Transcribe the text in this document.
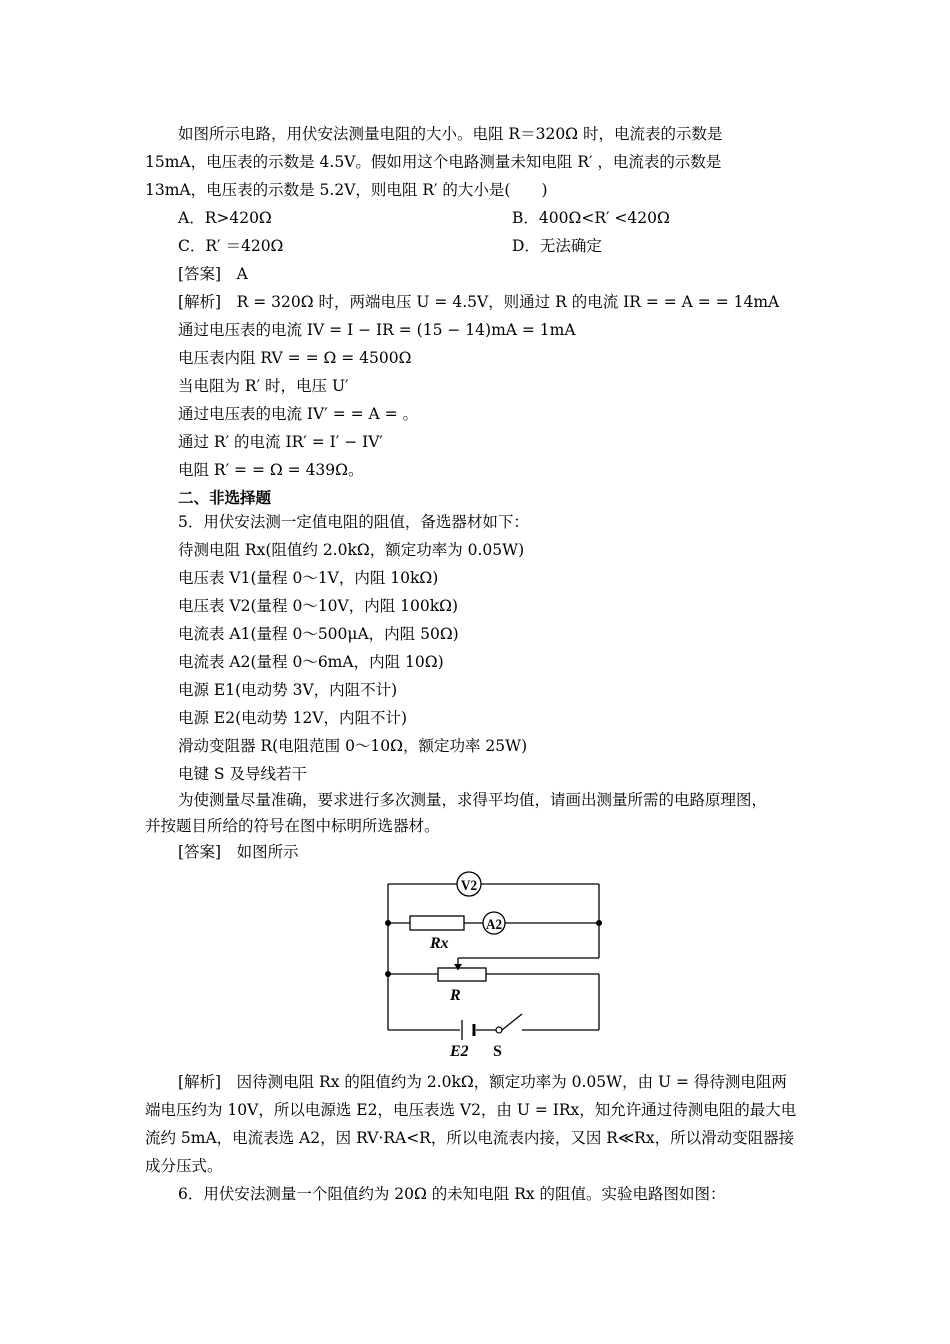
如图所示电路，用伏安法测量电阻的大小。电阻 R＝320Ω 时，电流表的示数是
15mA，电压表的示数是 4.5V。假如用这个电路测量未知电阻 R′ ，电流表的示数是
13mA，电压表的示数是 5.2V，则电阻 R′ 的大小是(　　)
A．R>420Ω	B．400Ω<R′ <420Ω
C．R′ ＝420Ω	D．无法确定
[答案]　 A
[解析]　 R = 320Ω 时，两端电压 U = 4.5V，则通过 R 的电流 IR = = A = = 14mA
通过电压表的电流 IV = I − IR = (15 − 14)mA = 1mA
电压表内阻 RV = = Ω = 4500Ω
当电阻为 R′ 时，电压 U′
通过电压表的电流 IV′ = = A = 。
通过 R′ 的电流 IR′ = I′ − IV′
电阻 R′ = = Ω = 439Ω。
二、非选择题
5．用伏安法测一定值电阻的阻值，备选器材如下：
待测电阻 Rx(阻值约 2.0kΩ，额定功率为 0.05W)
电压表 V1(量程 0～1V，内阻 10kΩ)
电压表 V2(量程 0～10V，内阻 100kΩ)
电流表 A1(量程 0～500μA，内阻 50Ω)
电流表 A2(量程 0～6mA，内阻 10Ω)
电源 E1(电动势 3V，内阻不计)
电源 E2(电动势 12V，内阻不计)
滑动变阻器 R(电阻范围 0～10Ω，额定功率 25W)
电键 S 及导线若干
为使测量尽量准确，要求进行多次测量，求得平均值，请画出测量所需的电路原理图，
并按题目所给的符号在图中标明所选器材。
[答案]　 如图所示
V2
A2
Rx
R
E2 S
[解析]　 因待测电阻 Rx 的阻值约为 2.0kΩ，额定功率为 0.05W，由 U = 得待测电阻两
端电压约为 10V，所以电源选 E2，电压表选 V2，由 U = IRx，知允许通过待测电阻的最大电
流约 5mA，电流表选 A2，因 RV·RA<R，所以电流表内接，又因 R≪Rx，所以滑动变阻器接
成分压式。
6．用伏安法测量一个阻值约为 20Ω 的未知电阻 Rx 的阻值。实验电路图如图：
